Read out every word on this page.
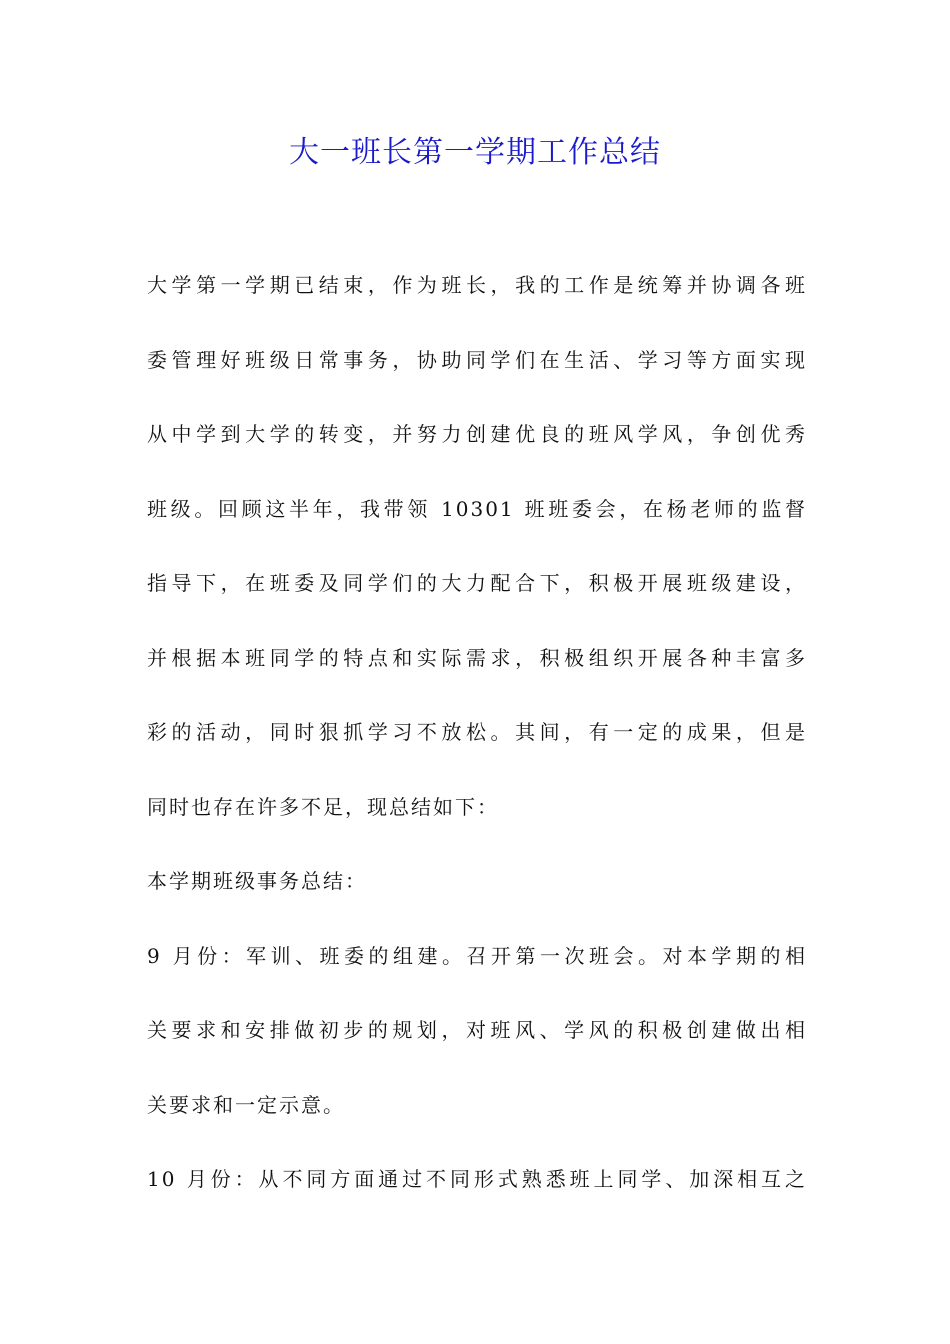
大一班长第一学期工作总结
大学第一学期已结束，作为班长，我的工作是统筹并协调各班
委管理好班级日常事务，协助同学们在生活、学习等方面实现
从中学到大学的转变，并努力创建优良的班风学风，争创优秀
班级。回顾这半年，我带领 10301 班班委会，在杨老师的监督
指导下，在班委及同学们的大力配合下，积极开展班级建设，
并根据本班同学的特点和实际需求，积极组织开展各种丰富多
彩的活动，同时狠抓学习不放松。其间，有一定的成果，但是
同时也存在许多不足，现总结如下：
本学期班级事务总结：
9 月份：军训、班委的组建。召开第一次班会。对本学期的相
关要求和安排做初步的规划，对班风、学风的积极创建做出相
关要求和一定示意。
10 月份：从不同方面通过不同形式熟悉班上同学、加深相互之
